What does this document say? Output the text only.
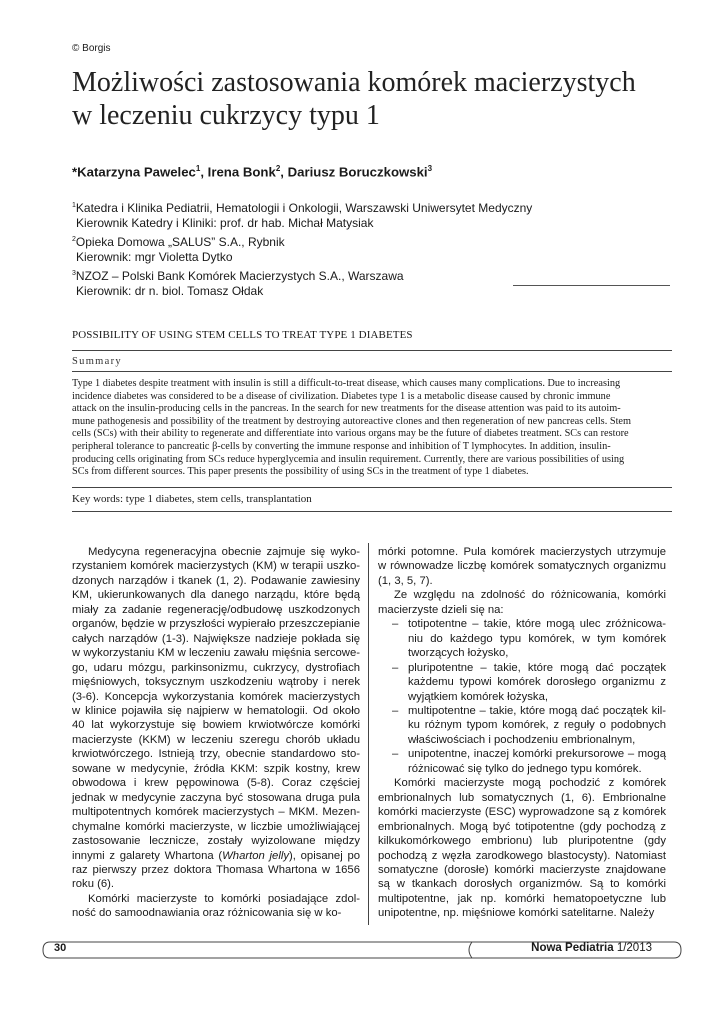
© Borgis
Możliwości zastosowania komórek macierzystych
w leczeniu cukrzycy typu 1
*Katarzyna Pawelec$^1$, Irena Bonk$^2$, Dariusz Boruczkowski$^3$
$^1$Katedra i Klinika Pediatrii, Hematologii i Onkologii, Warszawski Uniwersytet Medyczny
Kierownik Katedry i Kliniki: prof. dr hab. Michał Matysiak
$^2$Opieka Domowa „SALUS” S.A., Rybnik
Kierownik: mgr Violetta Dytko
$^3$NZOZ – Polski Bank Komórek Macierzystych S.A., Warszawa
Kierownik: dr n. biol. Tomasz Ołdak
POSSIBILITY OF USING STEM CELLS TO TREAT TYPE 1 DIABETES
Summary
Type 1 diabetes despite treatment with insulin is still a difficult-to-treat disease, which causes many complications. Due to increasing
incidence diabetes was considered to be a disease of civilization. Diabetes type 1 is a metabolic disease caused by chronic immune
attack on the insulin-producing cells in the pancreas. In the search for new treatments for the disease attention was paid to its autoim-
mune pathogenesis and possibility of the treatment by destroying autoreactive clones and then regeneration of new pancreas cells. Stem
cells (SCs) with their ability to regenerate and differentiate into various organs may be the future of diabetes treatment. SCs can restore
peripheral tolerance to pancreatic β-cells by converting the immune response and inhibition of T lymphocytes. In addition, insulin-
producing cells originating from SCs reduce hyperglycemia and insulin requirement. Currently, there are various possibilities of using
SCs from different sources. This paper presents the possibility of using SCs in the treatment of type 1 diabetes.
Key words: type 1 diabetes, stem cells, transplantation

Medycyna regeneracyjna obecnie zajmuje się wyko- rzystaniem komórek macierzystych (KM) w terapii uszko- dzonych narządów i tkanek (1, 2). Podawanie zawiesiny KM, ukierunkowanych dla danego narządu, które będą miały za zadanie regenerację/odbudowę uszkodzonych organów, będzie w przyszłości wypierało przeszczepianie całych narządów (1-3). Największe nadzieje pokłada się w wykorzystaniu KM w leczeniu zawału mięśnia sercowe- go, udaru mózgu, parkinsonizmu, cukrzycy, dystrofiach mięśniowych, toksycznym uszkodzeniu wątroby i nerek (3-6). Koncepcja wykorzystania komórek macierzystych w klinice pojawiła się najpierw w hematologii. Od około 40 lat wykorzystuje się bowiem krwiotwórcze komórki macierzyste (KKM) w leczeniu szeregu chorób układu krwiotwórczego. Istnieją trzy, obecnie standardowo sto- sowane w medycynie, źródła KKM: szpik kostny, krew obwodowa i krew pępowinowa (5-8). Coraz częściej jednak w medycynie zaczyna być stosowana druga pula multipotentnych komórek macierzystych – MKM. Mezen- chymalne komórki macierzyste, w liczbie umożliwiającej zastosowanie lecznicze, zostały wyizolowane między innymi z galarety Whartona (Wharton jelly), opisanej po raz pierwszy przez doktora Thomasa Whartona w 1656 roku (6).

Komórki macierzyste to komórki posiadające zdol- ność do samoodnawiania oraz różnicowania się w ko-

mórki potomne. Pula komórek macierzystych utrzymuje w równowadze liczbę komórek somatycznych organizmu (1, 3, 5, 7).

Ze względu na zdolność do różnicowania, komórki macierzyste dzieli się na:

– totipotentne – takie, które mogą ulec zróżnicowa- niu do każdego typu komórek, w tym komórek tworzących łożysko,
– pluripotentne – takie, które mogą dać początek każdemu typowi komórek dorosłego organizmu z wyjątkiem komórek łożyska,
– multipotentne – takie, które mogą dać początek kil- ku różnym typom komórek, z reguły o podobnych właściwościach i pochodzeniu embrionalnym,
– unipotentne, inaczej komórki prekursorowe – mogą różnicować się tylko do jednego typu komórek.

Komórki macierzyste mogą pochodzić z komórek embrionalnych lub somatycznych (1, 6). Embrionalne komórki macierzyste (ESC) wyprowadzone są z komórek embrionalnych. Mogą być totipotentne (gdy pochodzą z kilkukomórkowego embrionu) lub pluripotentne (gdy pochodzą z węzła zarodkowego blastocysty). Natomiast somatyczne (dorosłe) komórki macierzyste znajdowane są w tkankach dorosłych organizmów. Są to komórki multipotentne, jak np. komórki hematopoetyczne lub unipotentne, np. mięśniowe komórki satelitarne. Należy

30	Nowa Pediatria 1/2013
